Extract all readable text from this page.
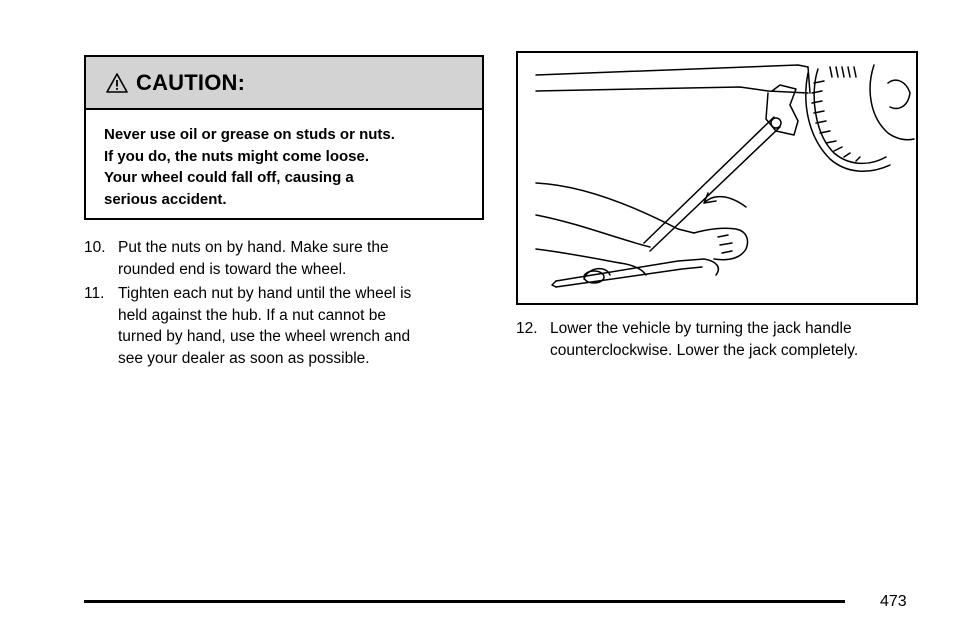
CAUTION:
Never use oil or grease on studs or nuts.
If you do, the nuts might come loose.
Your wheel could fall off, causing a
serious accident.
10. Put the nuts on by hand. Make sure the
rounded end is toward the wheel.
11. Tighten each nut by hand until the wheel is
held against the hub. If a nut cannot be
turned by hand, use the wheel wrench and
see your dealer as soon as possible.
12. Lower the vehicle by turning the jack handle
counterclockwise. Lower the jack completely.
473
